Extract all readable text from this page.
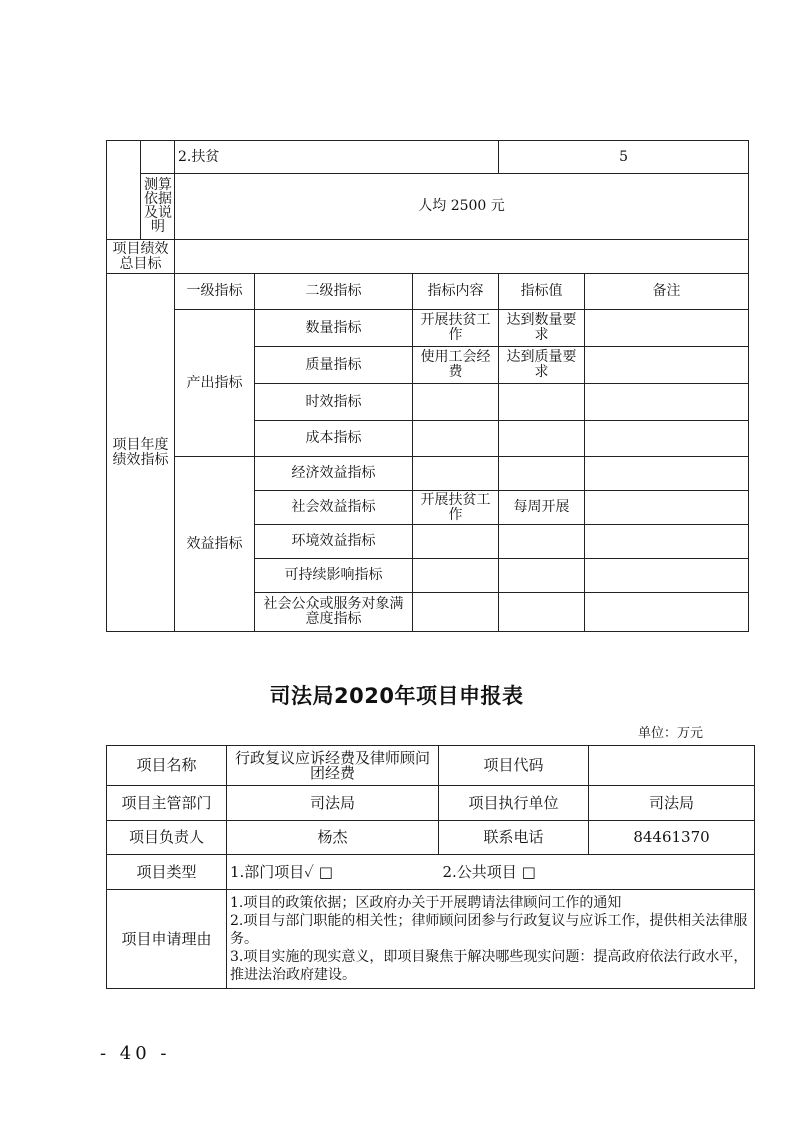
		2.扶贫			5	
	测算依据及说明	人均 2500 元				
项目绩效总目标						
项目年度绩效指标		一级指标	二级指标	指标内容	指标值	备注
		产出指标	数量指标	开展扶贫工作	达到数量要求	
			质量指标	使用工会经费	达到质量要求	
			时效指标			
			成本指标			
		效益指标	经济效益指标			
			社会效益指标	开展扶贫工作	每周开展	
			环境效益指标			
			可持续影响指标			
			社会公众或服务对象满意度指标			
司法局2020年项目申报表
单位：万元
项目名称	行政复议应诉经费及律师顾问团经费	项目代码	
项目主管部门	司法局	项目执行单位	司法局
项目负责人	杨杰	联系电话	84461370
项目类型	1.部门项目✓ □ 2.公共项目 □		
项目申请理由	1.项目的政策依据；区政府办关于开展聘请法律顾问工作的通知
2.项目与部门职能的相关性；律师顾问团参与行政复议与应诉工作，提供相关法律服务。
3.项目实施的现实意义，即项目聚焦于解决哪些现实问题：提高政府依法行政水平，推进法治政府建设。		
- 40 -
